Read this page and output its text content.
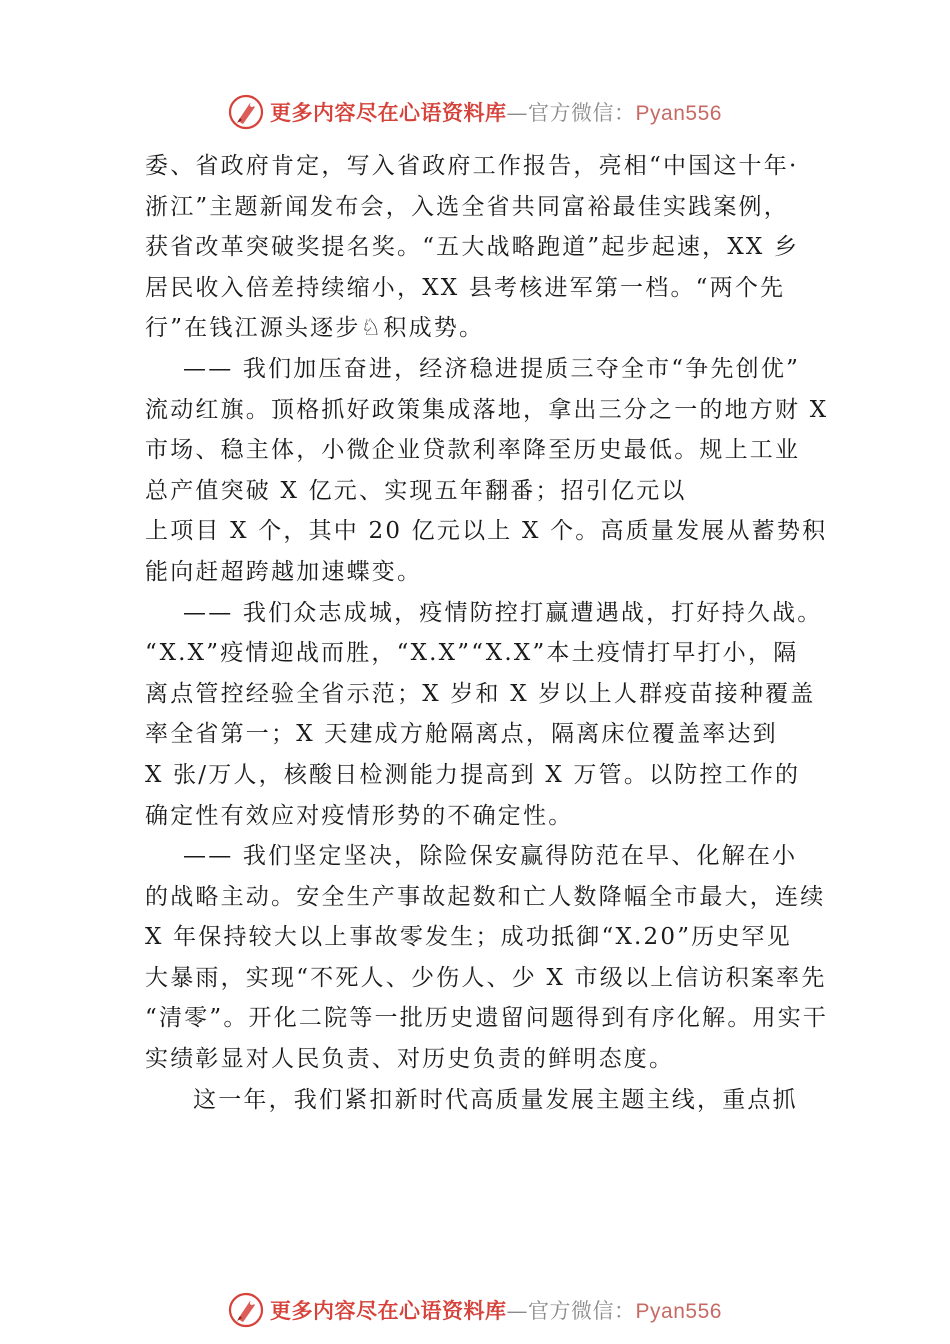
更多内容尽在心语资料库—官方微信：Pyan556
委、省政府肯定，写入省政府工作报告，亮相“中国这十年·
浙江”主题新闻发布会，入选全省共同富裕最佳实践案例，
获省改革突破奖提名奖。“五大战略跑道”起步起速，XX 乡
居民收入倍差持续缩小，XX 县考核进军第一档。“两个先
行”在钱江源头逐步♘积成势。
—— 我们加压奋进，经济稳进提质三夺全市“争先创优”
流动红旗。顶格抓好政策集成落地，拿出三分之一的地方财 X
市场、稳主体，小微企业贷款利率降至历史最低。规上工业
总产值突破 X 亿元、实现五年翻番；招引亿元以
上项目 X 个，其中 20 亿元以上 X 个。高质量发展从蓄势积
能向赶超跨越加速蝶变。
—— 我们众志成城，疫情防控打赢遭遇战，打好持久战。
“X.X”疫情迎战而胜，“X.X”“X.X”本土疫情打早打小，隔
离点管控经验全省示范；X 岁和 X 岁以上人群疫苗接种覆盖
率全省第一；X 天建成方舱隔离点，隔离床位覆盖率达到
X 张/万人，核酸日检测能力提高到 X 万管。以防控工作的
确定性有效应对疫情形势的不确定性。
—— 我们坚定坚决，除险保安赢得防范在早、化解在小
的战略主动。安全生产事故起数和亡人数降幅全市最大，连续
X 年保持较大以上事故零发生；成功抵御“X.20”历史罕见
大暴雨，实现“不死人、少伤人、少 X 市级以上信访积案率先
“清零”。开化二院等一批历史遗留问题得到有序化解。用实干
实绩彰显对人民负责、对历史负责的鲜明态度。
这一年，我们紧扣新时代高质量发展主题主线，重点抓
更多内容尽在心语资料库—官方微信：Pyan556
